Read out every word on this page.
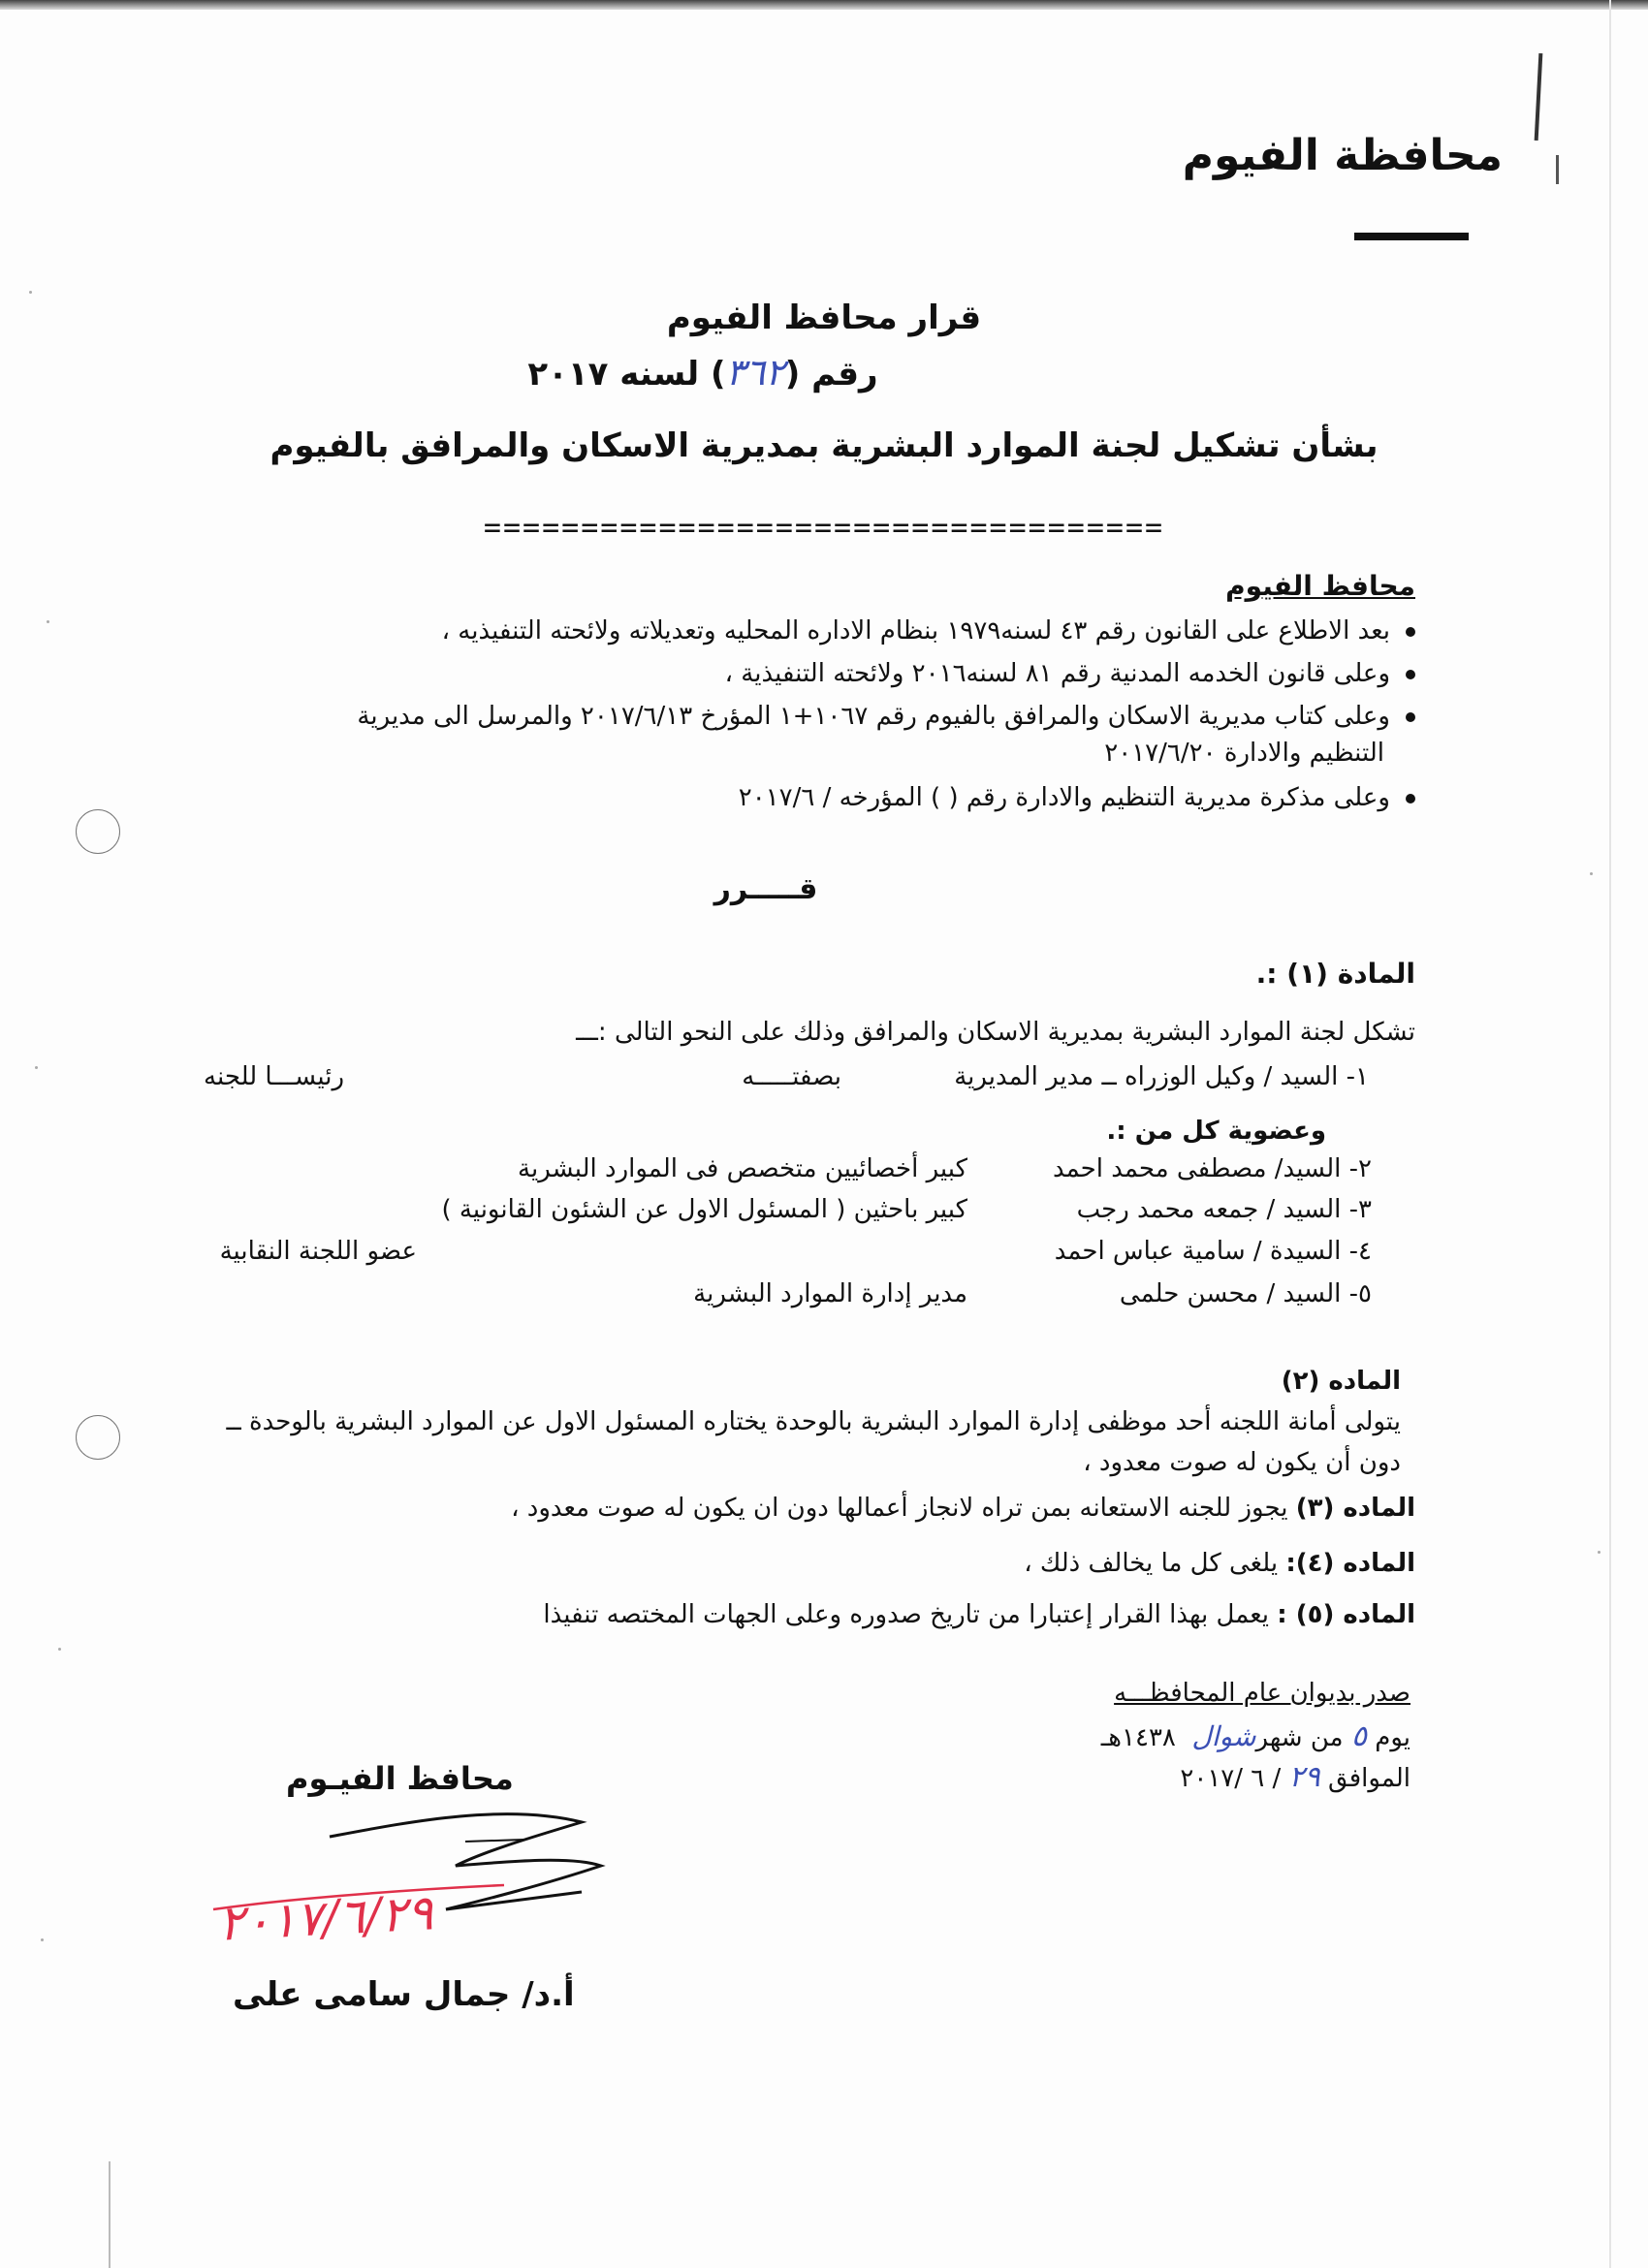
محافظة الفيوم
قرار محافظ الفيوم
رقم (٣٦٢) لسنه ٢٠١٧
بشأن تشكيل لجنة الموارد البشرية بمديرية الاسكان والمرافق بالفيوم
===================================
محافظ الفيوم
بعد الاطلاع على القانون رقم ٤٣ لسنه١٩٧٩ بنظام الاداره المحليه وتعديلاته ولائحته التنفيذيه ،
وعلى قانون الخدمه المدنية رقم ٨١ لسنه٢٠١٦ ولائحته التنفيذية ،
وعلى كتاب مديرية الاسكان والمرافق بالفيوم رقم ١٠٦٧+١ المؤرخ ٢٠١٧/٦/١٣ والمرسل الى مديرية
التنظيم والادارة ٢٠١٧/٦/٢٠
وعلى مذكرة مديرية التنظيم والادارة رقم ( ) المؤرخه / ٢٠١٧/٦
قـــــرر
المادة (١) :.
تشكل لجنة الموارد البشرية بمديرية الاسكان والمرافق وذلك على النحو التالى :ـــ
١- السيد / وكيل الوزراه ــ مدير المديرية
بصفتـــــه
رئيســـا للجنه
وعضوية كل من :.
٢- السيد/ مصطفى محمد احمد
كبير أخصائيين متخصص فى الموارد البشرية
٣- السيد / جمعه محمد رجب
كبير باحثين ( المسئول الاول عن الشئون القانونية )
٤- السيدة / سامية عباس احمد
عضو اللجنة النقابية
٥- السيد / محسن حلمى
مدير إدارة الموارد البشرية
الماده (٢)
يتولى أمانة اللجنه أحد موظفى إدارة الموارد البشرية بالوحدة يختاره المسئول الاول عن الموارد البشرية بالوحدة ــ
دون أن يكون له صوت معدود ،
الماده (٣) يجوز للجنه الاستعانه بمن تراه لانجاز أعمالها دون ان يكون له صوت معدود ،
الماده (٤): يلغى كل ما يخالف ذلك ،
الماده (٥) : يعمل بهذا القرار إعتبارا من تاريخ صدوره وعلى الجهات المختصه تنفيذا
صدر بديوان عام المحافظـــه
يوم ٥ من شهرشوال  ١٤٣٨هـ
الموافق ٢٩ / ٦ /٢٠١٧
محافظ الفيـوم
٢٠١٧/٦/٢٩
أ.د/ جمال سامى على
